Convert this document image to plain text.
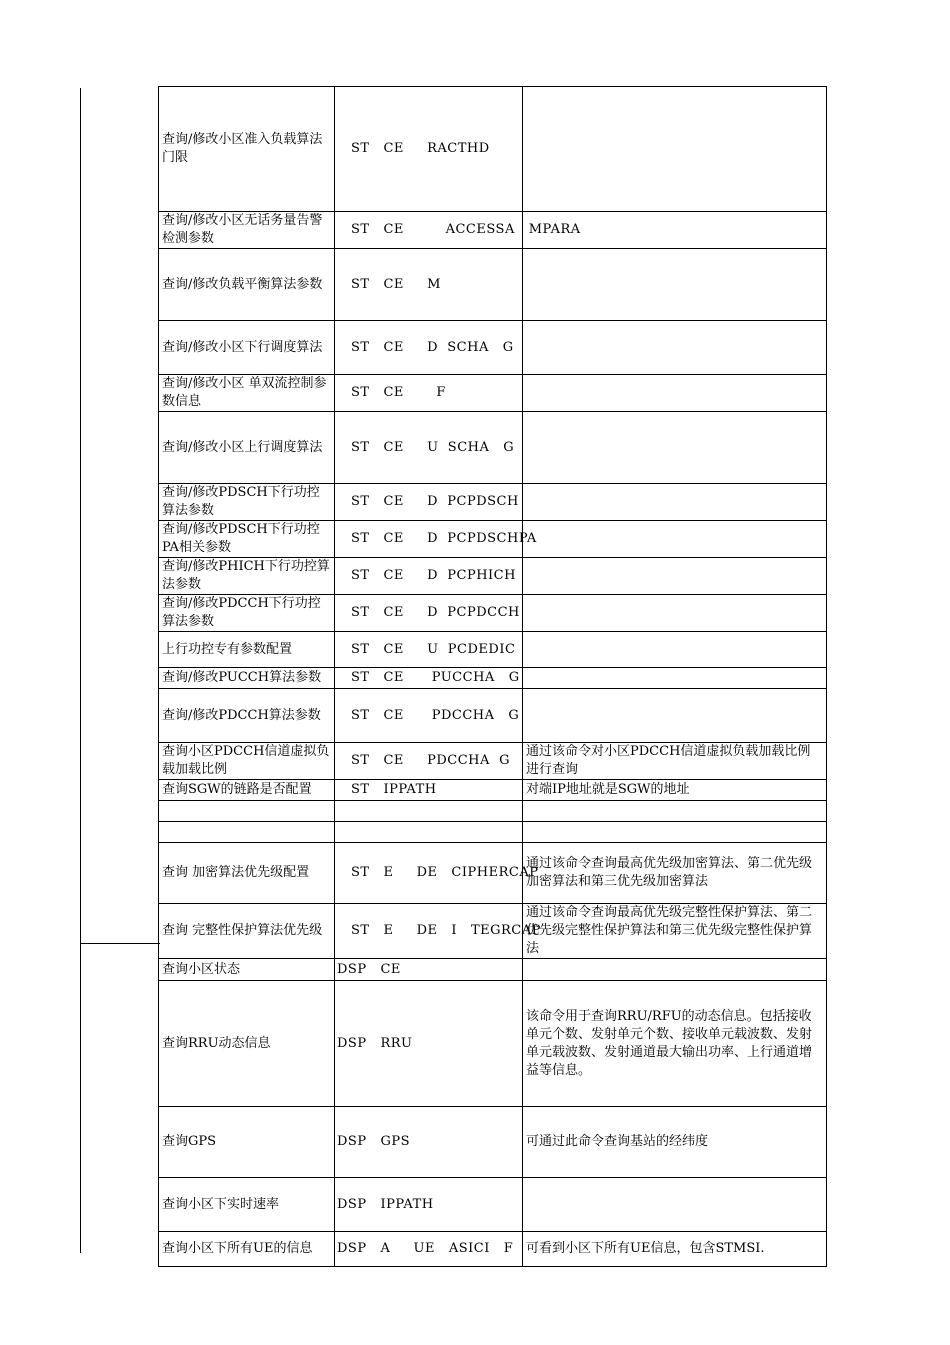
查询/修改小区准入负载算法门限	ST   CE     RACTHD	
查询/修改小区无话务量告警检测参数	ST   CE         ACCESSA   MPARA	
查询/修改负载平衡算法参数	ST   CE     M	
查询/修改小区下行调度算法	ST   CE     D  SCHA   G	
查询/修改小区 单双流控制参数信息	ST   CE       F	
查询/修改小区上行调度算法	ST   CE     U  SCHA   G	
查询/修改PDSCH下行功控算法参数	ST   CE     D  PCPDSCH	
查询/修改PDSCH下行功控PA相关参数	ST   CE     D  PCPDSCHPA	
查询/修改PHICH下行功控算法参数	ST   CE     D  PCPHICH	
查询/修改PDCCH下行功控算法参数	ST   CE     D  PCPDCCH	
上行功控专有参数配置	ST   CE     U  PCDEDIC	
查询/修改PUCCH算法参数	ST   CE      PUCCHA   G	
查询/修改PDCCH算法参数	ST   CE      PDCCHA   G	
查询小区PDCCH信道虚拟负载加载比例	ST   CE     PDCCHA  G	通过该命令对小区PDCCH信道虚拟负载加载比例进行查询
查询SGW的链路是否配置	ST   IPPATH	对端IP地址就是SGW的地址

查询 加密算法优先级配置	ST   E     DE   CIPHERCAP	通过该命令查询最高优先级加密算法、第二优先级加密算法和第三优先级加密算法
查询 完整性保护算法优先级	ST   E     DE   I   TEGRCAP	通过该命令查询最高优先级完整性保护算法、第二优先级完整性保护算法和第三优先级完整性保护算法
查询小区状态	DSP   CE	
查询RRU动态信息	DSP   RRU	该命令用于查询RRU/RFU的动态信息。包括接收单元个数、发射单元个数、接收单元载波数、发射单元载波数、发射通道最大输出功率、上行通道增益等信息。
查询GPS	DSP   GPS	可通过此命令查询基站的经纬度
查询小区下实时速率	DSP   IPPATH	
查询小区下所有UE的信息	DSP   A     UE   ASICI   F	可看到小区下所有UE信息，包含STMSI.
